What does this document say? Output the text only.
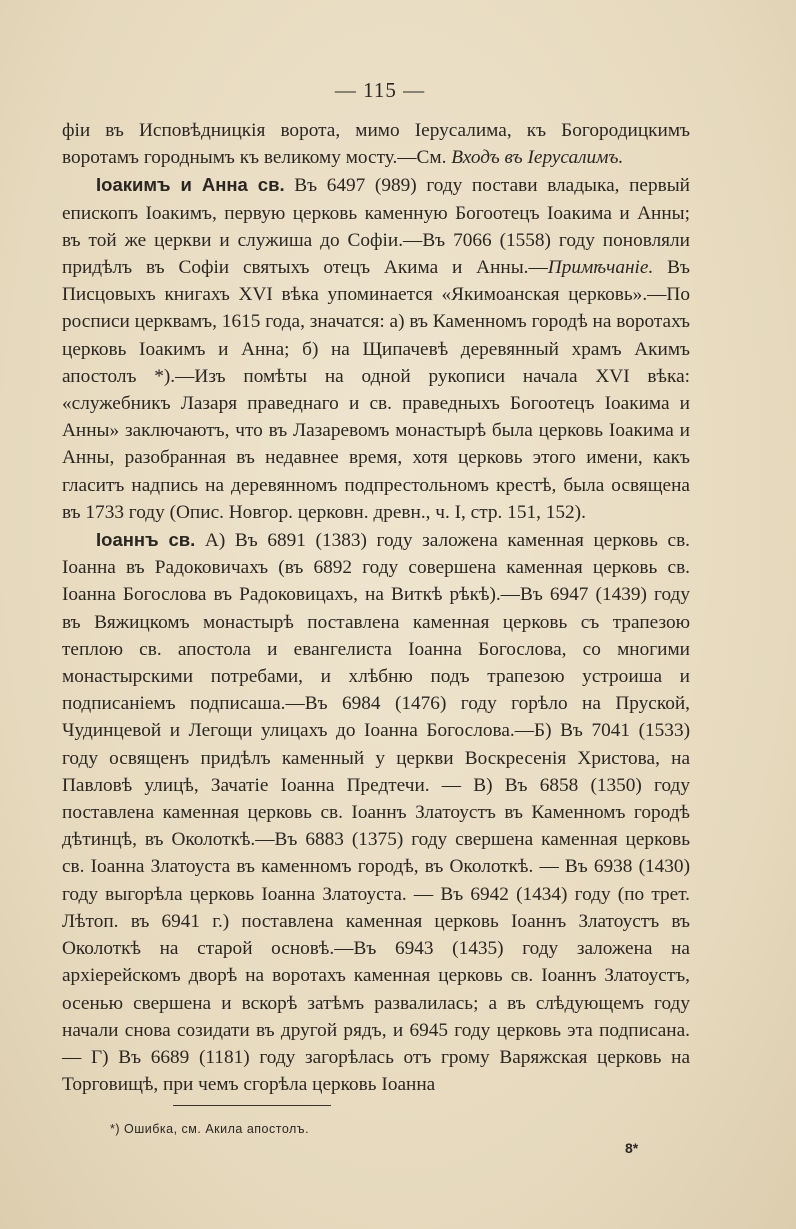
— 115 —

фіи въ Исповѣдницкія ворота, мимо Іерусалима, къ Богородицкимъ воротамъ городнымъ къ великому мосту.—См. Входъ въ Іерусалимъ.

Іоакимъ и Анна св. Въ 6497 (989) году постави владыка, первый епископъ Іоакимъ, первую церковь каменную Богоотецъ Іоакима и Анны; въ той же церкви и служиша до Софіи.—Въ 7066 (1558) году поновляли придѣлъ въ Софіи святыхъ отецъ Акима и Анны.—Примѣчаніе. Въ Писцовыхъ книгахъ XVI вѣка упоминается «Якимоанская церковь».—По росписи церквамъ, 1615 года, значатся: а) въ Каменномъ городѣ на воротахъ церковь Іоакимъ и Анна; б) на Щипачевѣ деревянный храмъ Акимъ апостолъ *).—Изъ помѣты на одной рукописи начала XVI вѣка: «служебникъ Лазаря праведнаго и св. праведныхъ Богоотецъ Іоакима и Анны» заключаютъ, что въ Лазаревомъ монастырѣ была церковь Іоакима и Анны, разобранная въ недавнее время, хотя церковь этого имени, какъ гласитъ надпись на деревянномъ подпрестольномъ крестѣ, была освящена въ 1733 году (Опис. Новгор. церковн. древн., ч. I, стр. 151, 152).

Іоаннъ св. А) Въ 6891 (1383) году заложена каменная церковь св. Іоанна въ Радоковичахъ (въ 6892 году совершена каменная церковь св. Іоанна Богослова въ Радоковицахъ, на Виткѣ рѣкѣ).—Въ 6947 (1439) году въ Вяжицкомъ монастырѣ поставлена каменная церковь съ трапезою теплою св. апостола и евангелиста Іоанна Богослова, со многими монастырскими потребами, и хлѣбню подъ трапезою устроиша и подписаніемъ подписаша.—Въ 6984 (1476) году горѣло на Пруской, Чудинцевой и Легощи улицахъ до Іоанна Богослова.—Б) Въ 7041 (1533) году освященъ придѣлъ каменный у церкви Воскресенія Христова, на Павловѣ улицѣ, Зачатіе Іоанна Предтечи. — В) Въ 6858 (1350) году поставлена каменная церковь св. Іоаннъ Златоустъ въ Каменномъ городѣ дѣтинцѣ, въ Околоткѣ.—Въ 6883 (1375) году свершена каменная церковь св. Іоанна Златоуста въ каменномъ городѣ, въ Околоткѣ. — Въ 6938 (1430) году выгорѣла церковь Іоанна Златоуста. — Въ 6942 (1434) году (по трет. Лѣтоп. въ 6941 г.) поставлена каменная церковь Іоаннъ Златоустъ въ Околоткѣ на старой основѣ.—Въ 6943 (1435) году заложена на архіерейскомъ дворѣ на воротахъ каменная церковь св. Іоаннъ Златоустъ, осенью свершена и вскорѣ затѣмъ развалилась; а въ слѣдующемъ году начали снова созидати въ другой рядъ, и 6945 году церковь эта подписана. — Г) Въ 6689 (1181) году загорѣлась отъ грому Варяжская церковь на Торговищѣ, при чемъ сгорѣла церковь Іоанна

*) Ошибка, см. Акила апостолъ.
8*
